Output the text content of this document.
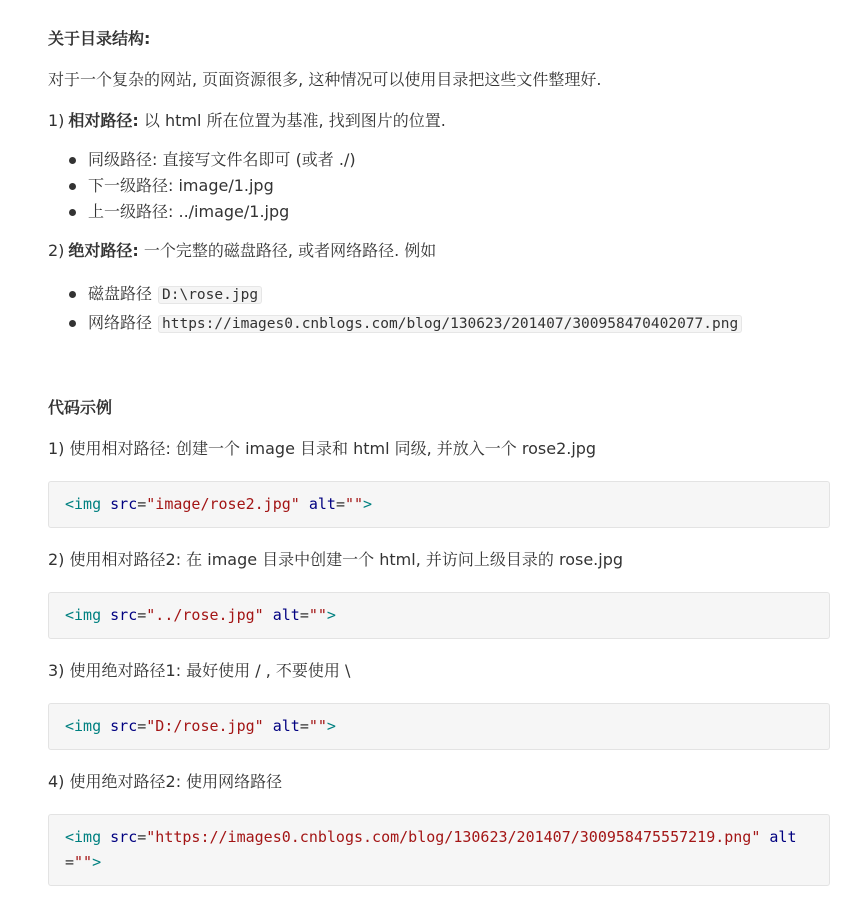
关于目录结构:

对于一个复杂的网站, 页面资源很多, 这种情况可以使用目录把这些文件整理好.

1) 相对路径: 以 html 所在位置为基准, 找到图片的位置.

同级路径: 直接写文件名即可 (或者 ./)
下一级路径: image/1.jpg
上一级路径: ../image/1.jpg

2) 绝对路径: 一个完整的磁盘路径, 或者网络路径. 例如

磁盘路径 D:\rose.jpg
网络路径 https://images0.cnblogs.com/blog/130623/201407/300958470402077.png

代码示例

1) 使用相对路径: 创建一个 image 目录和 html 同级, 并放入一个 rose2.jpg

<img src="image/rose2.jpg" alt="">

2) 使用相对路径2: 在 image 目录中创建一个 html, 并访问上级目录的 rose.jpg

<img src="../rose.jpg" alt="">

3) 使用绝对路径1: 最好使用 / , 不要使用 \

<img src="D:/rose.jpg" alt="">

4) 使用绝对路径2: 使用网络路径

<img src="https://images0.cnblogs.com/blog/130623/201407/300958475557219.png" alt="">
